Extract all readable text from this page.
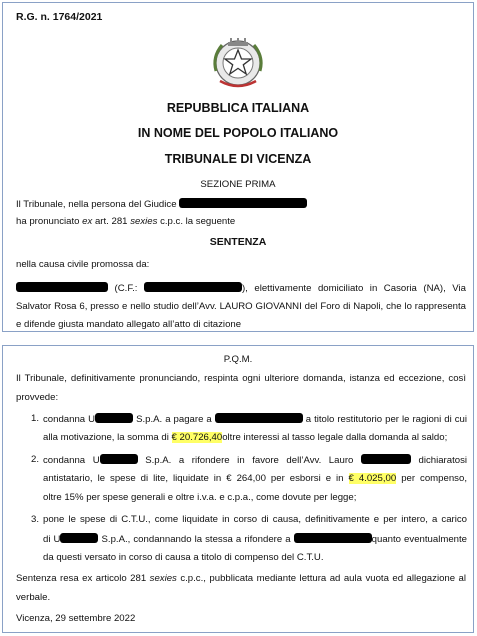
R.G. n. 1764/2021
REPUBBLICA ITALIANA
IN NOME DEL POPOLO ITALIANO
TRIBUNALE DI VICENZA
SEZIONE PRIMA
Il Tribunale, nella persona del Giudice
ha pronunciato ex art. 281 sexies c.p.c. la seguente
SENTENZA
nella causa civile promossa da:
(C.F.:	), elettivamente domiciliato in Casoria (NA), Via
Salvator Rosa 6, presso e nello studio dell’Avv. LAURO GIOVANNI del Foro di Napoli, che lo rappresenta
e difende giusta mandato allegato all’atto di citazione
P.Q.M.
Il Tribunale, definitivamente pronunciando, respinta ogni ulteriore domanda, istanza ed eccezione, così
provvede:
1. condanna U	S.p.A. a pagare a	a titolo restitutorio per le ragioni di cui
alla motivazione, la somma di € 20.726,40oltre interessi al tasso legale dalla domanda al saldo;
2. condanna U	S.p.A. a rifondere in favore dell’Avv. Lauro	dichiaratosi
antistatario, le spese di lite, liquidate in € 264,00 per esborsi e in € 4.025,00 per compenso,
oltre 15% per spese generali e oltre i.v.a. e c.p.a., come dovute per legge;
3. pone le spese di C.T.U., come liquidate in corso di causa, definitivamente e per intero, a carico
di U	S.p.A., condannando la stessa a rifondere a	quanto eventualmente
da questi versato in corso di causa a titolo di compenso del C.T.U.
Sentenza resa ex articolo 281 sexies c.p.c., pubblicata mediante lettura ad aula vuota ed allegazione al
verbale.
Vicenza, 29 settembre 2022
